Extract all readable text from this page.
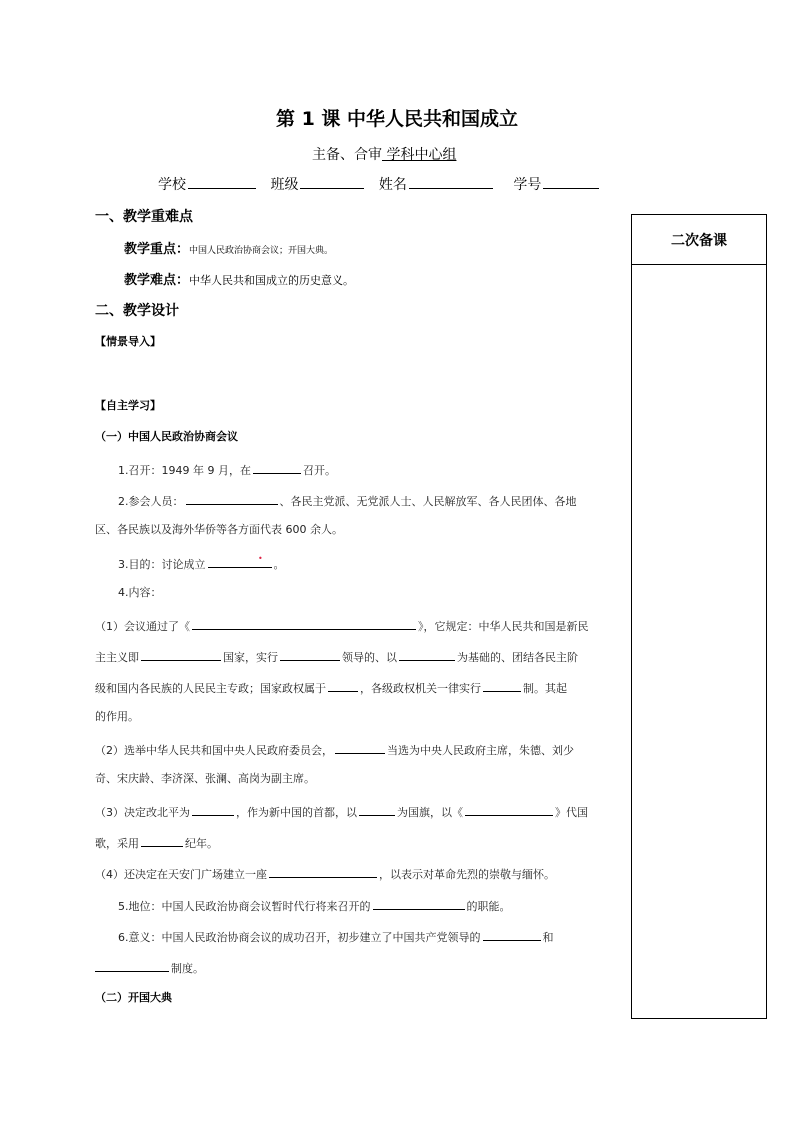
第 1 课 中华人民共和国成立
主备、合审 学科中心组
学校	班级	姓名	学号
一、教学重难点
教学重点：中国人民政治协商会议；开国大典。
教学难点：中华人民共和国成立的历史意义。
二、教学设计
【情景导入】
【自主学习】
（一）中国人民政治协商会议
1.召开：1949 年 9 月，在	召开。
2.参会人员：	、各民主党派、无党派人士、人民解放军、各人民团体、各地
区、各民族以及海外华侨等各方面代表 600 余人。
3.目的：讨论成立	。
•
4.内容：
（1）会议通过了《	》，它规定：中华人民共和国是新民
主主义即	国家，实行	领导的、以	为基础的、团结各民主阶
级和国内各民族的人民民主专政；国家政权属于	，各级政权机关一律实行	制。其起
的作用。
（2）选举中华人民共和国中央人民政府委员会，	当选为中央人民政府主席，朱德、刘少
奇、宋庆龄、李济深、张澜、高岗为副主席。
（3）决定改北平为	，作为新中国的首都，以	为国旗，以《	》代国
歌，采用	纪年。
（4）还决定在天安门广场建立一座	，以表示对革命先烈的崇敬与缅怀。
5.地位：中国人民政治协商会议暂时代行将来召开的	的职能。
6.意义：中国人民政治协商会议的成功召开，初步建立了中国共产党领导的	和
制度。
（二）开国大典
二次备课
